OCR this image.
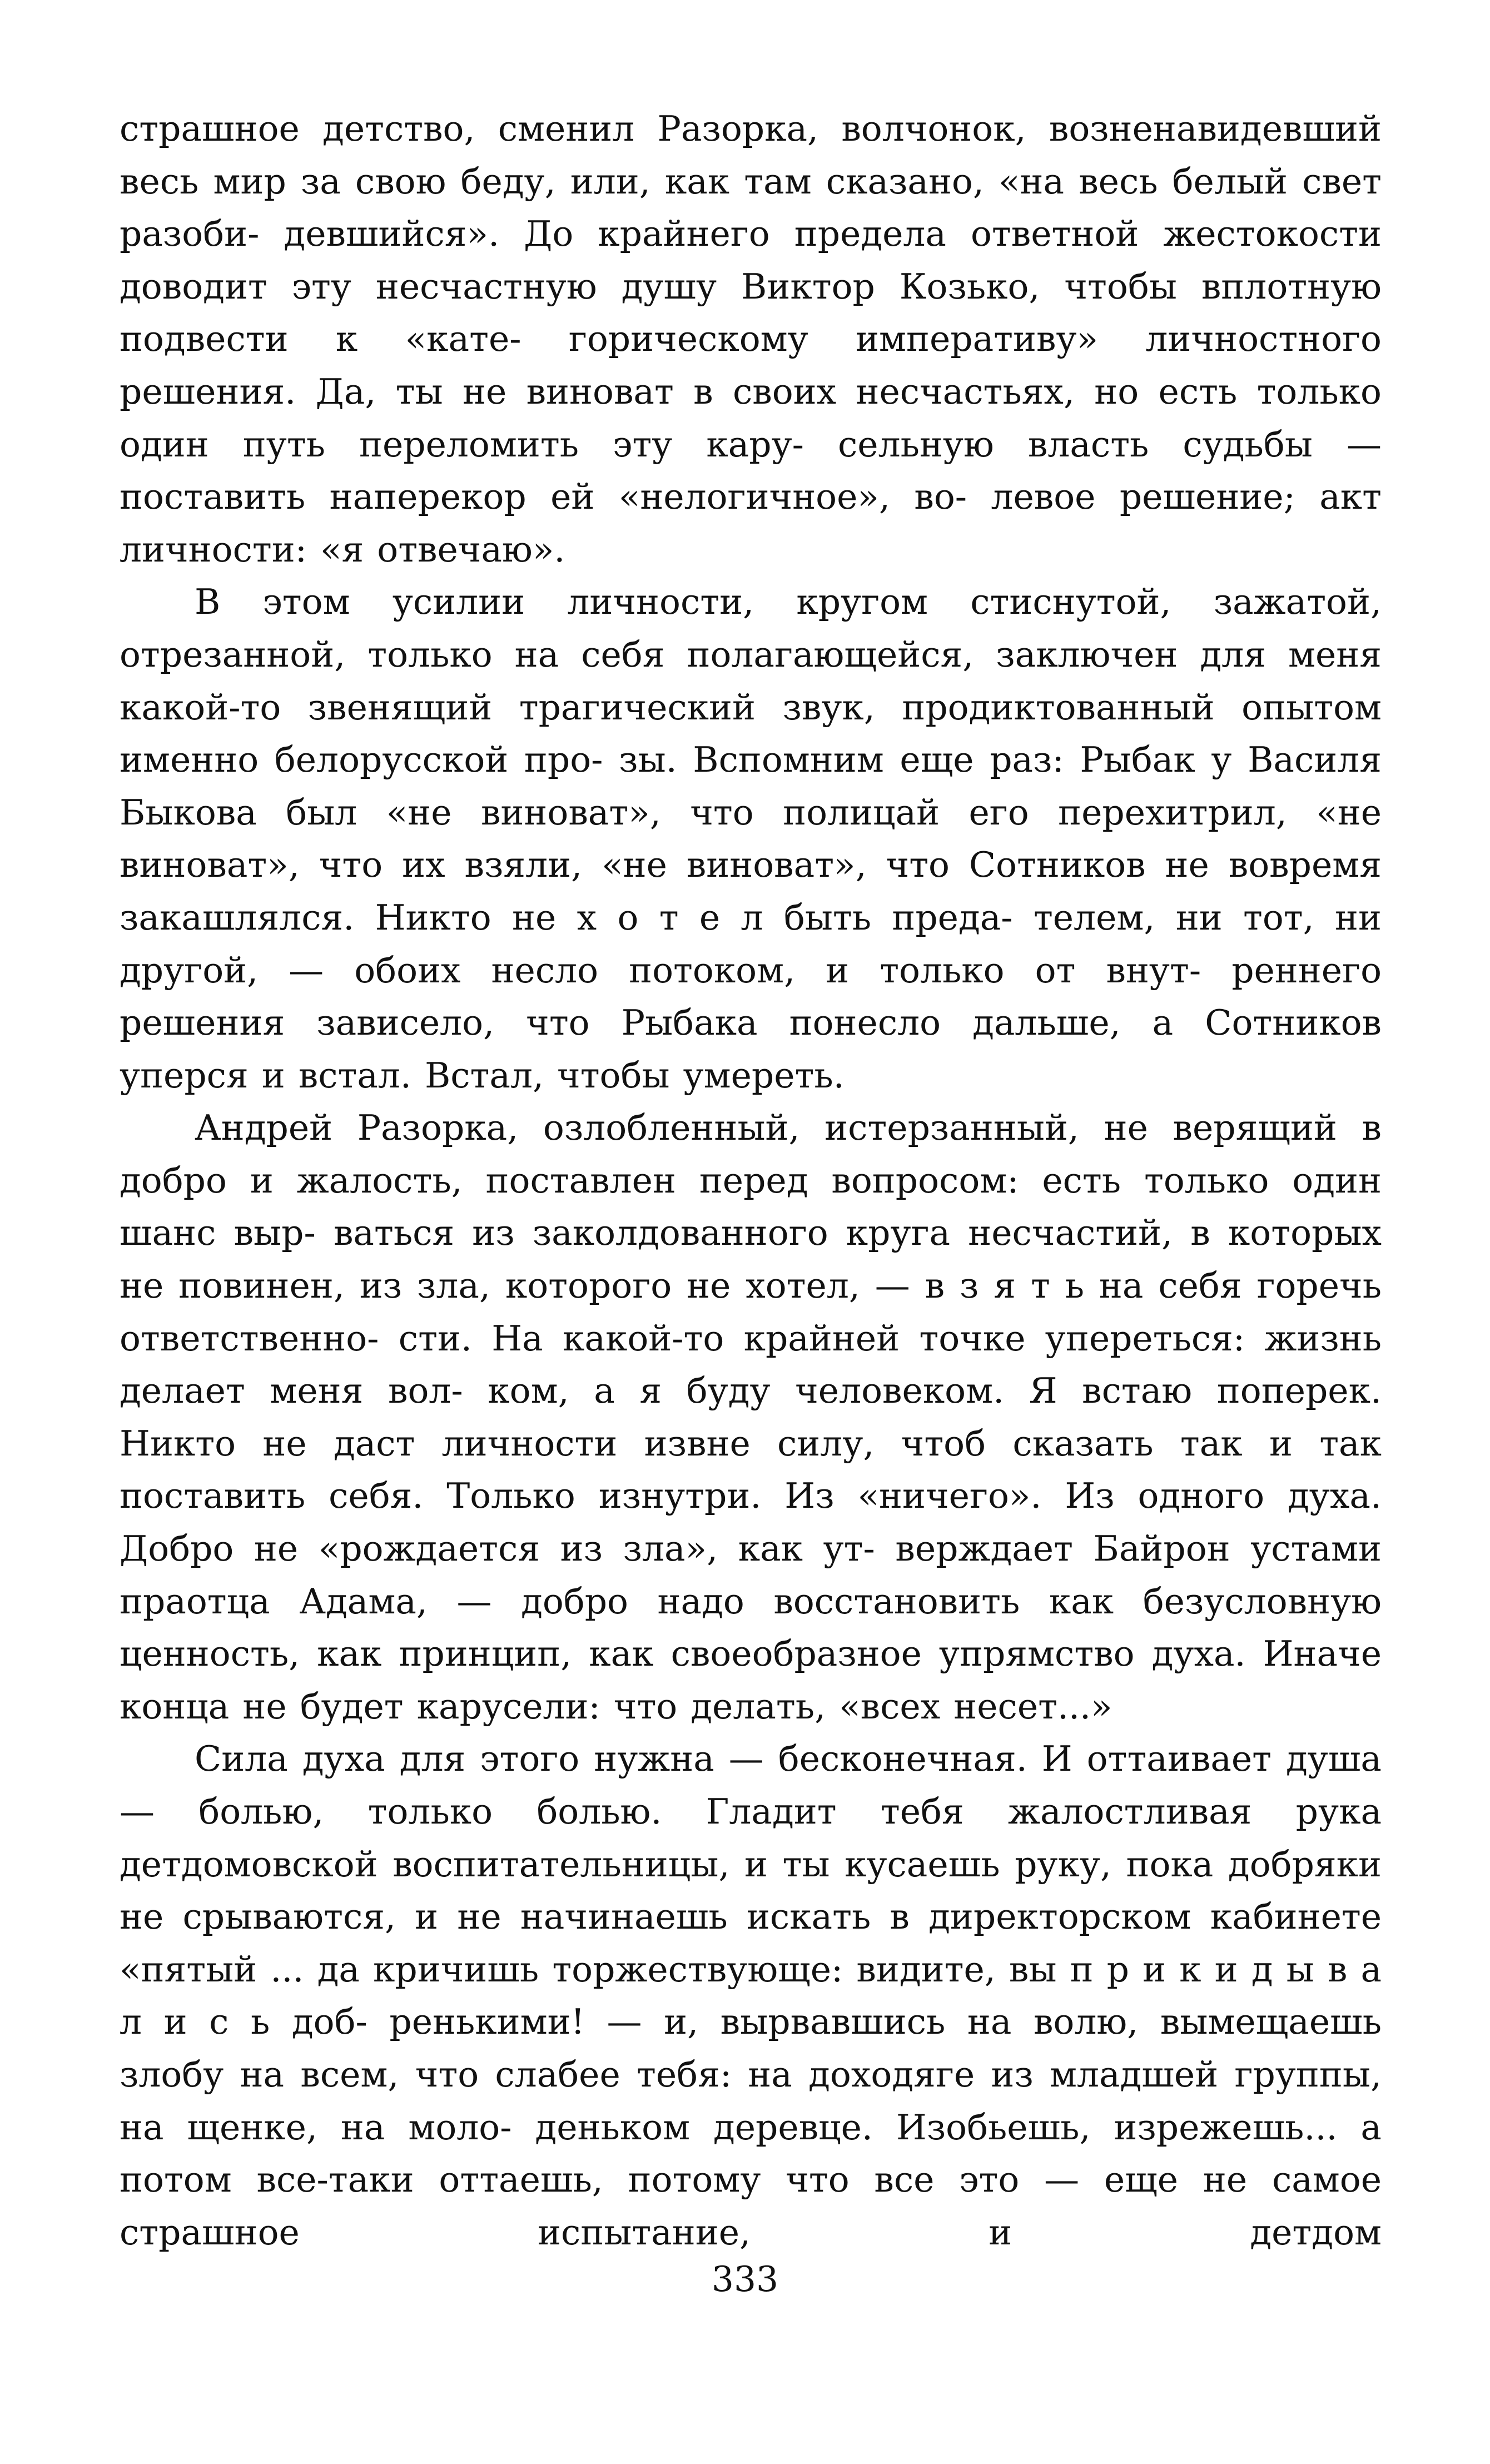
страшное детство, сменил Разорка, волчонок, возненавидевший весь мир за свою беду, или, как там сказано, «на весь белый свет разоби- девшийся». До крайнего предела ответной жестокости доводит эту несчастную душу Виктор Козько, чтобы вплотную подвести к «кате- горическому императиву» личностного решения. Да, ты не виноват в своих несчастьях, но есть только один путь переломить эту кару- сельную власть судьбы — поставить наперекор ей «нелогичное», во- левое решение; акт личности: «я отвечаю».

В этом усилии личности, кругом стиснутой, зажатой, отрезанной, только на себя полагающейся, заключен для меня какой-то звенящий трагический звук, продиктованный опытом именно белорусской про- зы. Вспомним еще раз: Рыбак у Василя Быкова был «не виноват», что полицай его перехитрил, «не виноват», что их взяли, «не виноват», что Сотников не вовремя закашлялся. Никто не х о т е л быть преда- телем, ни тот, ни другой, — обоих несло потоком, и только от внут- реннего решения зависело, что Рыбака понесло дальше, а Сотников уперся и встал. Встал, чтобы умереть.

Андрей Разорка, озлобленный, истерзанный, не верящий в добро и жалость, поставлен перед вопросом: есть только один шанс выр- ваться из заколдованного круга несчастий, в которых не повинен, из зла, которого не хотел, — в з я т ь на себя горечь ответственно- сти. На какой-то крайней точке упереться: жизнь делает меня вол- ком, а я буду человеком. Я встаю поперек. Никто не даст личности извне силу, чтоб сказать так и так поставить себя. Только изнутри. Из «ничего». Из одного духа. Добро не «рождается из зла», как ут- верждает Байрон устами праотца Адама, — добро надо восстановить как безусловную ценность, как принцип, как своеобразное упрямство духа. Иначе конца не будет карусели: что делать, «всех несет...»

Сила духа для этого нужна — бесконечная. И оттаивает душа— болью, только болью. Гладит тебя жалостливая рука детдомовской воспитательницы, и ты кусаешь руку, пока добряки не срываются, и не начинаешь искать в директорском кабинете «пятый ... да кричишь торжествующе: видите, вы п р и к и д ы в а л и с ь доб- ренькими! — и, вырвавшись на волю, вымещаешь злобу на всем, что слабее тебя: на доходяге из младшей группы, на щенке, на моло- деньком деревце. Изобьешь, изрежешь... а потом все-таки оттаешь, потому что все это — еще не самое страшное испытание, и детдом

333
